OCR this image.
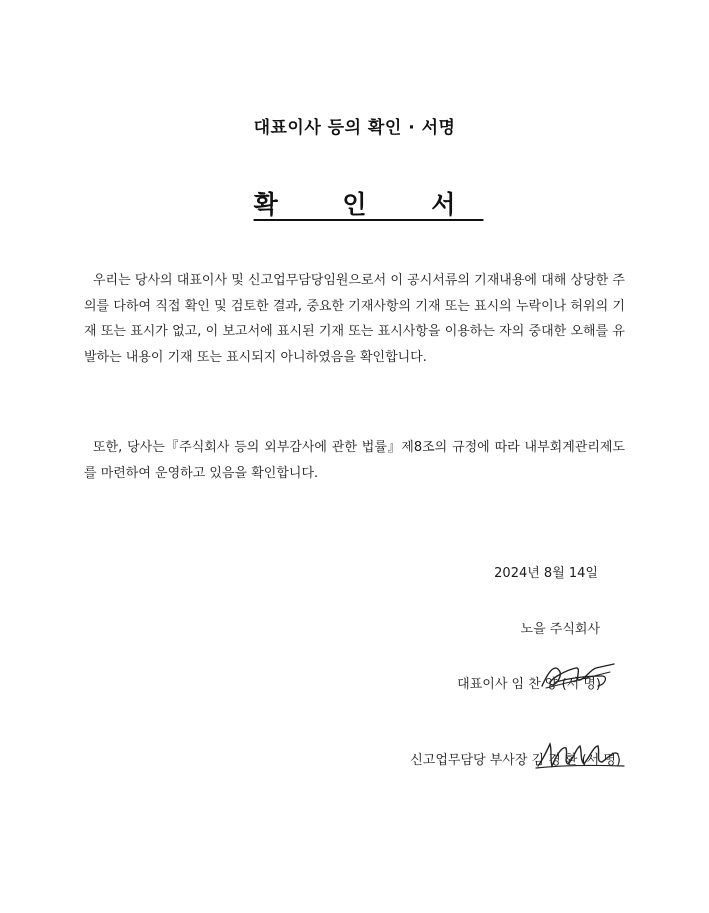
대표이사 등의 확인 · 서명
확 인 서

우리는 당사의 대표이사 및 신고업무담당임원으로서 이 공시서류의 기재내용에 대해 상당한 주의를 다하여 직접 확인 및 검토한 결과, 중요한 기재사항의 기재 또는 표시의 누락이나 허위의 기재 또는 표시가 없고, 이 보고서에 표시된 기재 또는 표시사항을 이용하는 자의 중대한 오해를 유발하는 내용이 기재 또는 표시되지 아니하였음을 확인합니다.

또한, 당사는『주식회사 등의 외부감사에 관한 법률』제8조의 규정에 따라 내부회계관리제도를 마련하여 운영하고 있음을 확인합니다.

2024년 8월 14일
노을 주식회사
대표이사 임 찬 양 (서 명)
신고업무담당 부사장 김 경 환 (서 명)
